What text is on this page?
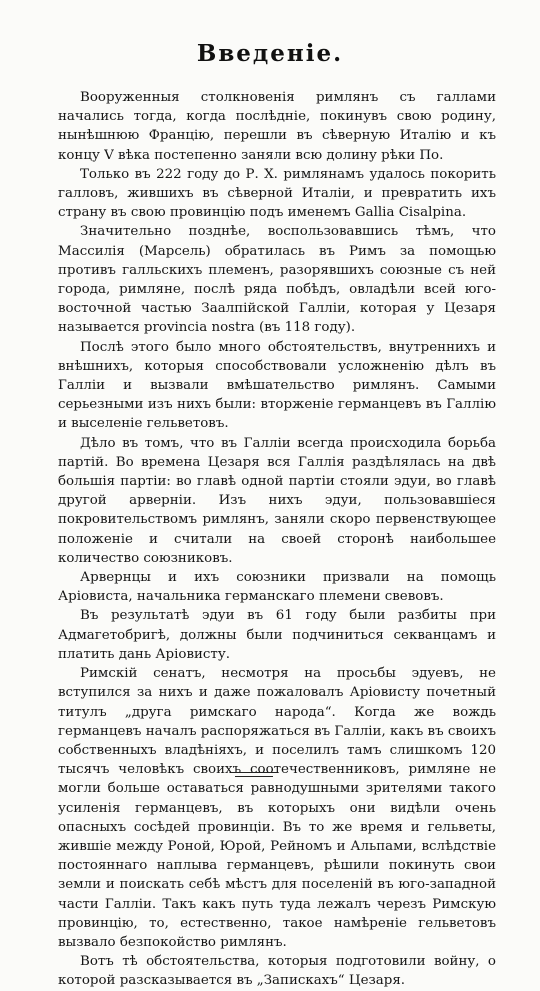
Введеніе.

Вооруженныя столкновенія римлянъ съ галлами начались тогда, когда послѣдніе, покинувъ свою родину, нынѣшнюю Францію, перешли въ сѣверную Италію и къ концу V вѣка постепенно заняли всю долину рѣки По.

Только въ 222 году до Р. Х. римлянамъ удалось покорить галловъ, жившихъ въ сѣверной Италіи, и превратить ихъ страну въ свою провинцію подъ именемъ Gallia Cisalpina.

Значительно позднѣе, воспользовавшись тѣмъ, что Массилія (Марсель) обратилась въ Римъ за помощью противъ галльскихъ племенъ, разорявшихъ союзные съ ней города, римляне, послѣ ряда побѣдъ, овладѣли всей юго-восточной частью Заалпійской Галліи, которая у Цезаря называется provincia nostra (въ 118 году).

Послѣ этого было много обстоятельствъ, внутреннихъ и внѣшнихъ, которыя способствовали усложненію дѣлъ въ Галліи и вызвали вмѣшательство римлянъ. Самыми серьезными изъ нихъ были: вторженіе германцевъ въ Галлію и выселеніе гельветовъ.

Дѣло въ томъ, что въ Галліи всегда происходила борьба партій. Во времена Цезаря вся Галлія раздѣлялась на двѣ большія партіи: во главѣ одной партіи стояли эдуи, во главѣ другой арверніи. Изъ нихъ эдуи, пользовавшіеся покровительствомъ римлянъ, заняли скоро первенствующее положеніе и считали на своей сторонѣ наибольшее количество союзниковъ.

Арвернцы и ихъ союзники призвали на помощь Аріовиста, начальника германскаго племени свевовъ.

Въ результатѣ эдуи въ 61 году были разбиты при Адмагетобригѣ, должны были подчиниться секванцамъ и платить дань Аріовисту.

Римскій сенатъ, несмотря на просьбы эдуевъ, не вступился за нихъ и даже пожаловалъ Аріовисту почетный титулъ „друга римскаго народа“. Когда же вождь германцевъ началъ распоряжаться въ Галліи, какъ въ своихъ собственныхъ владѣніяхъ, и поселилъ тамъ слишкомъ 120 тысячъ человѣкъ своихъ соотечественниковъ, римляне не могли больше оставаться равнодушными зрителями такого усиленія германцевъ, въ которыхъ они видѣли очень опасныхъ сосѣдей провинціи. Въ то же время и гельветы, жившіе между Роной, Юрой, Рейномъ и Альпами, вслѣдствіе постояннаго наплыва германцевъ, рѣшили покинуть свои земли и поискать себѣ мѣстъ для поселеній въ юго-западной части Галліи. Такъ какъ путь туда лежалъ черезъ Римскую провинцію, то, естественно, такое намѣреніе гельветовъ вызвало безпокойство римлянъ.

Вотъ тѣ обстоятельства, которыя подготовили войну, о которой разсказывается въ „Запискахъ“ Цезаря.
